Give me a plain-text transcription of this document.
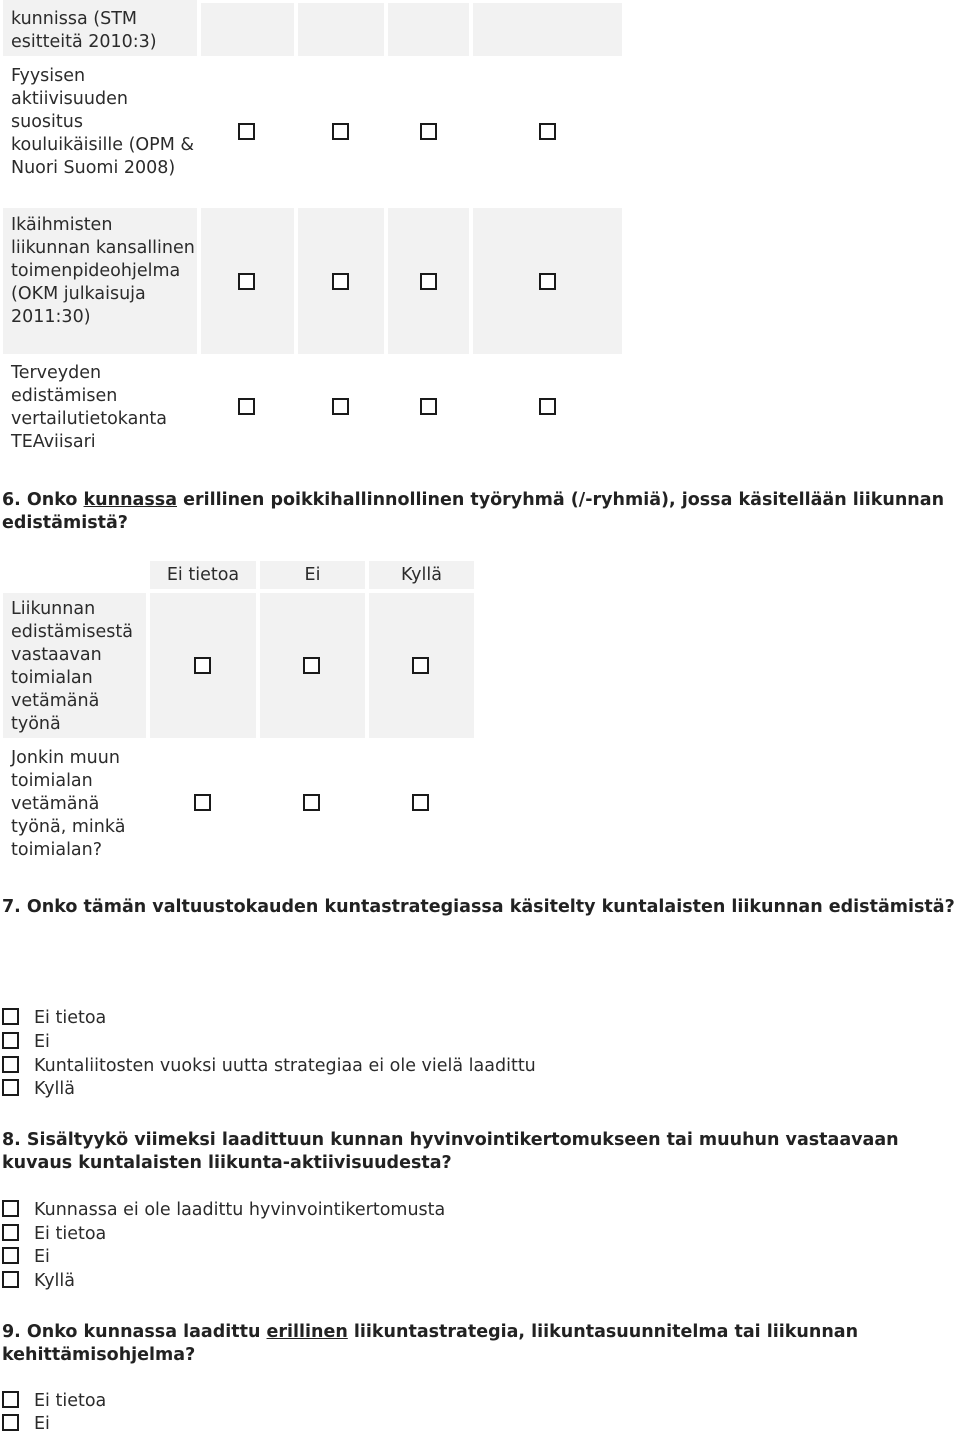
kunnissa (STM esitteitä 2010:3)
Fyysisen aktiivisuuden suositus kouluikäisille (OPM & Nuori Suomi 2008)
Ikäihmisten liikunnan kansallinen toimenpideohjelma (OKM julkaisuja 2011:30)
Terveyden edistämisen vertailutietokanta TEAviisari
6. Onko kunnassa erillinen poikkihallinnollinen työryhmä (/-ryhmiä), jossa käsitellään liikunnan edistämistä?
Ei tietoa	Ei	Kyllä
Liikunnan edistämisestä vastaavan toimialan vetämänä työnä
Jonkin muun toimialan vetämänä työnä, minkä toimialan?
7. Onko tämän valtuustokauden kuntastrategiassa käsitelty kuntalaisten liikunnan edistämistä?
Ei tietoa
Ei
Kuntaliitosten vuoksi uutta strategiaa ei ole vielä laadittu
Kyllä
8. Sisältyykö viimeksi laadittuun kunnan hyvinvointikertomukseen tai muuhun vastaavaan kuvaus kuntalaisten liikunta-aktiivisuudesta?
Kunnassa ei ole laadittu hyvinvointikertomusta
Ei tietoa
Ei
Kyllä
9. Onko kunnassa laadittu erillinen liikuntastrategia, liikuntasuunnitelma tai liikunnan kehittämisohjelma?
Ei tietoa
Ei
